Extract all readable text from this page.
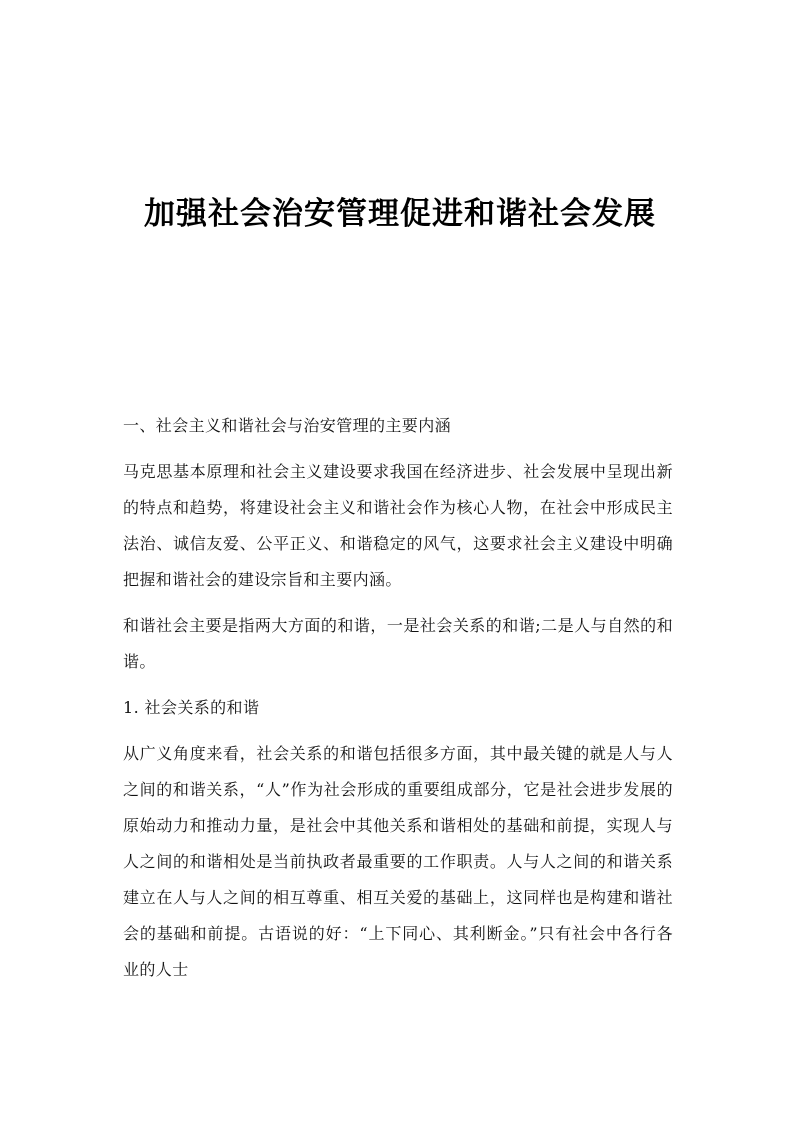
加强社会治安管理促进和谐社会发展

一、社会主义和谐社会与治安管理的主要内涵

马克思基本原理和社会主义建设要求我国在经济进步、社会发展中呈现出新的特点和趋势，将建设社会主义和谐社会作为核心人物，在社会中形成民主法治、诚信友爱、公平正义、和谐稳定的风气，这要求社会主义建设中明确把握和谐社会的建设宗旨和主要内涵。

和谐社会主要是指两大方面的和谐，一是社会关系的和谐;二是人与自然的和谐。

1. 社会关系的和谐

从广义角度来看，社会关系的和谐包括很多方面，其中最关键的就是人与人之间的和谐关系，“人”作为社会形成的重要组成部分，它是社会进步发展的原始动力和推动力量，是社会中其他关系和谐相处的基础和前提，实现人与人之间的和谐相处是当前执政者最重要的工作职责。人与人之间的和谐关系建立在人与人之间的相互尊重、相互关爱的基础上，这同样也是构建和谐社会的基础和前提。古语说的好：“上下同心、其利断金。”只有社会中各行各业的人士
